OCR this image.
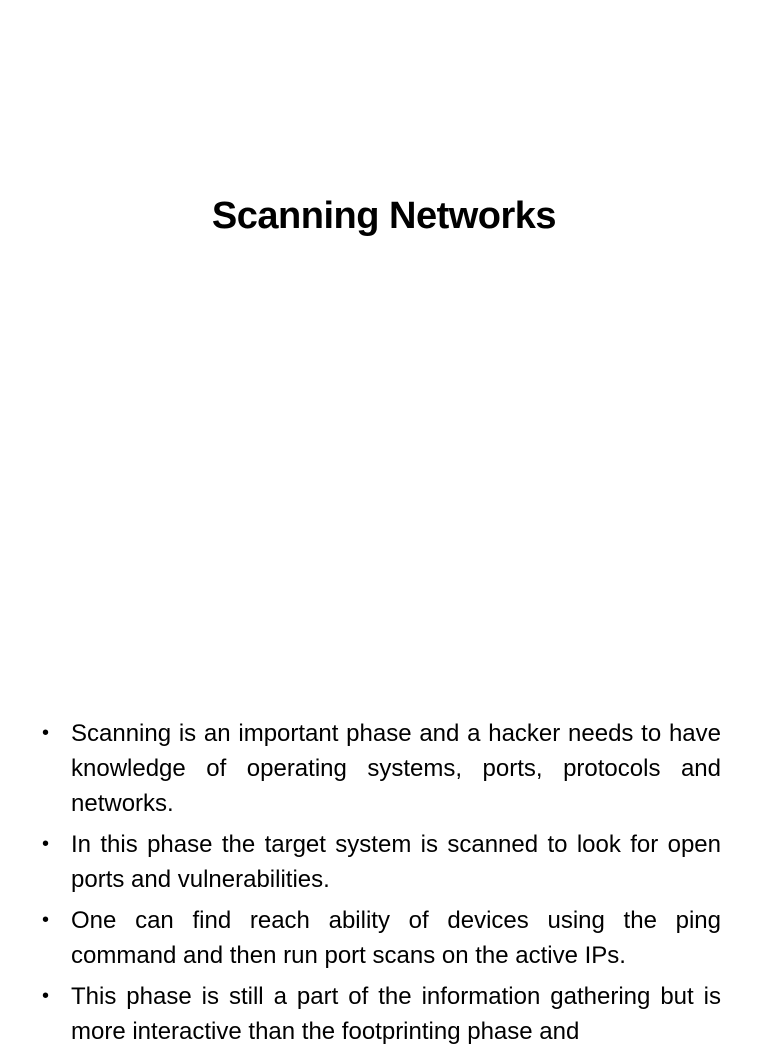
Scanning Networks
• Scanning is an important phase and a hacker needs to have knowledge of operating systems, ports, protocols and networks.
• In this phase the target system is scanned to look for open ports and vulnerabilities.
• One can find reach ability of devices using the ping command and then run port scans on the active IPs.
• This phase is still a part of the information gathering but is more interactive than the footprinting phase and
